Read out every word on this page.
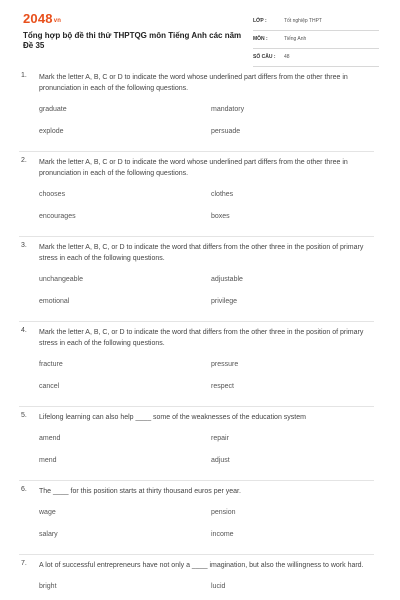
2048vn
Tổng hợp bộ đề thi thử THPTQG môn Tiếng Anh các năm
Đề 35
LỚP :	Tốt nghiệp THPT
MÔN :	Tiếng Anh
SỐ CÂU : 48
1. Mark the letter A, B, C or D to indicate the word whose underlined part differs from the other three in pronunciation in each of the following questions.
graduate	mandatory
explode	persuade
2. Mark the letter A, B, C or D to indicate the word whose underlined part differs from the other three in pronunciation in each of the following questions.
chooses	clothes
encourages	boxes
3. Mark the letter A, B, C, or D to indicate the word that differs from the other three in the position of primary stress in each of the following questions.
unchangeable	adjustable
emotional	privilege
4. Mark the letter A, B, C, or D to indicate the word that differs from the other three in the position of primary stress in each of the following questions.
fracture	pressure
cancel	respect
5. Lifelong learning can also help ____ some of the weaknesses of the education system
amend	repair
mend	adjust
6. The ____ for this position starts at thirty thousand euros per year.
wage	pension
salary	income
7. A lot of successful entrepreneurs have not only a ____ imagination, but also the willingness to work hard.
bright	lucid
